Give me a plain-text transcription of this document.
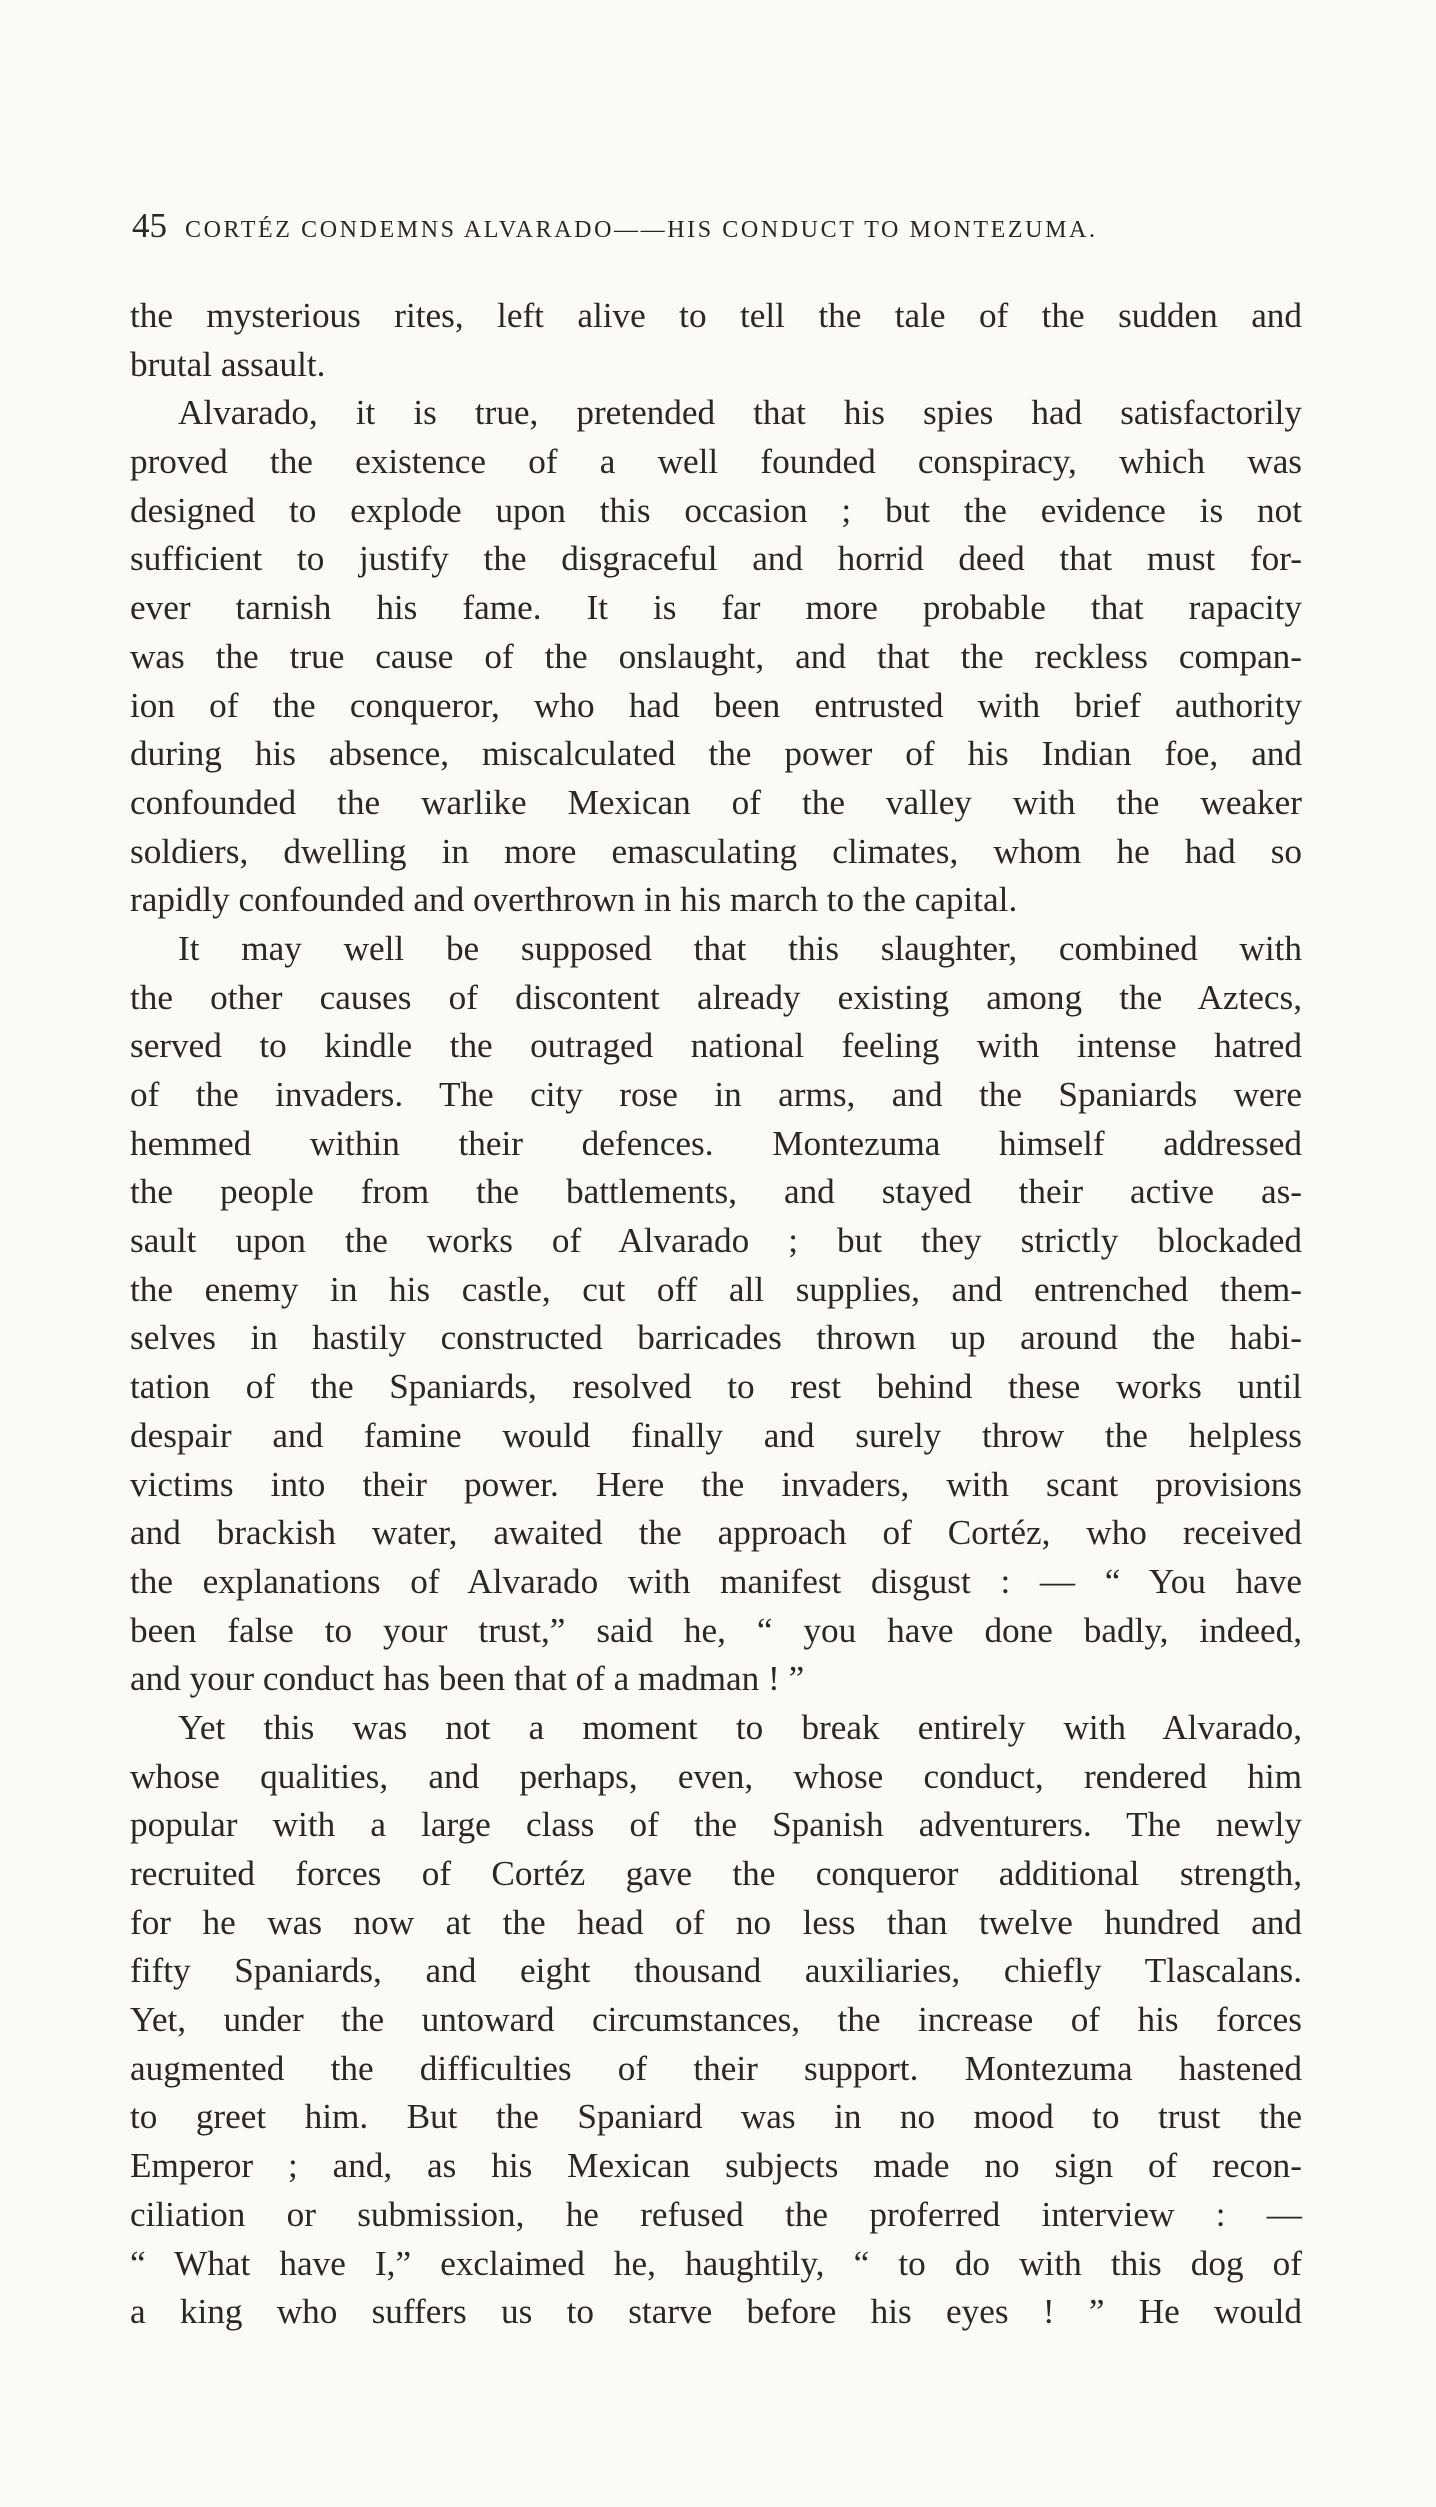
45 CORTÉZ CONDEMNS ALVARADO——HIS CONDUCT TO MONTEZUMA.
the mysterious rites, left alive to tell the tale of the sudden and
brutal assault.
Alvarado, it is true, pretended that his spies had satisfactorily
proved the existence of a well founded conspiracy, which was
designed to explode upon this occasion ; but the evidence is not
sufficient to justify the disgraceful and horrid deed that must for-
ever tarnish his fame. It is far more probable that rapacity
was the true cause of the onslaught, and that the reckless compan-
ion of the conqueror, who had been entrusted with brief authority
during his absence, miscalculated the power of his Indian foe, and
confounded the warlike Mexican of the valley with the weaker
soldiers, dwelling in more emasculating climates, whom he had so
rapidly confounded and overthrown in his march to the capital.
It may well be supposed that this slaughter, combined with
the other causes of discontent already existing among the Aztecs,
served to kindle the outraged national feeling with intense hatred
of the invaders. The city rose in arms, and the Spaniards were
hemmed within their defences. Montezuma himself addressed
the people from the battlements, and stayed their active as-
sault upon the works of Alvarado ; but they strictly blockaded
the enemy in his castle, cut off all supplies, and entrenched them-
selves in hastily constructed barricades thrown up around the habi-
tation of the Spaniards, resolved to rest behind these works until
despair and famine would finally and surely throw the helpless
victims into their power. Here the invaders, with scant provisions
and brackish water, awaited the approach of Cortéz, who received
the explanations of Alvarado with manifest disgust : — “ You have
been false to your trust,” said he, “ you have done badly, indeed,
and your conduct has been that of a madman ! ”
Yet this was not a moment to break entirely with Alvarado,
whose qualities, and perhaps, even, whose conduct, rendered him
popular with a large class of the Spanish adventurers. The newly
recruited forces of Cortéz gave the conqueror additional strength,
for he was now at the head of no less than twelve hundred and
fifty Spaniards, and eight thousand auxiliaries, chiefly Tlascalans.
Yet, under the untoward circumstances, the increase of his forces
augmented the difficulties of their support. Montezuma hastened
to greet him. But the Spaniard was in no mood to trust the
Emperor ; and, as his Mexican subjects made no sign of recon-
ciliation or submission, he refused the proferred interview : —
“ What have I,” exclaimed he, haughtily, “ to do with this dog of
a king who suffers us to starve before his eyes ! ” He would
